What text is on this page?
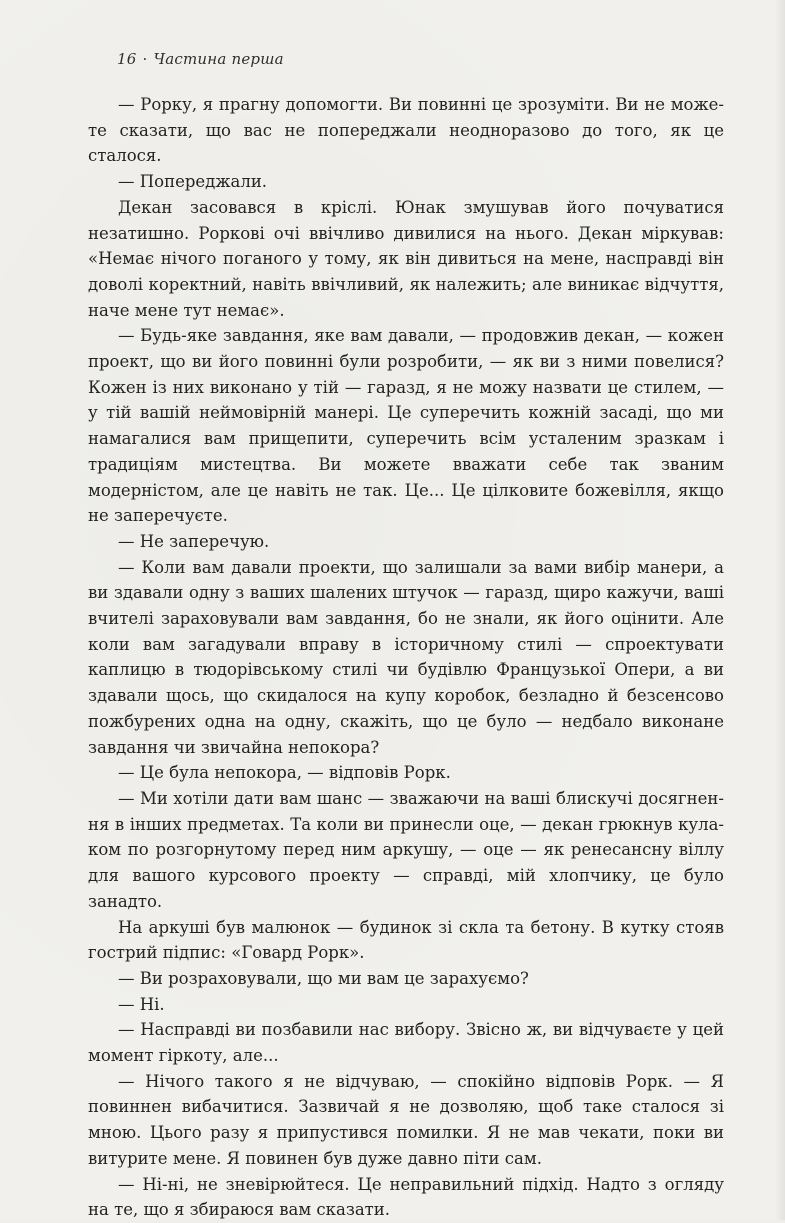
16 · Частина перша

— Рорку, я прагну допомогти. Ви повинні це зрозуміти. Ви не можете сказати, що вас не попереджали неодноразово до того, як це сталося.

— Попереджали.

Декан засовався в кріслі. Юнак змушував його почуватися незатишно. Роркові очі ввічливо дивилися на нього. Декан міркував: «Немає нічого поганого у тому, як він дивиться на мене, насправді він доволі коректний, навіть ввічливий, як належить; але виникає відчуття, наче мене тут немає».

— Будь-яке завдання, яке вам давали, — продовжив декан, — кожен проект, що ви його повинні були розробити, — як ви з ними повелися? Кожен із них виконано у тій — гаразд, я не можу назвати це стилем, — у тій вашій неймовірній манері. Це суперечить кожній засаді, що ми намагалися вам прищепити, суперечить всім усталеним зразкам і традиціям мистецтва. Ви можете вважати себе так званим модерністом, але це навіть не так. Це... Це цілковите божевілля, якщо не заперечуєте.

— Не заперечую.

— Коли вам давали проекти, що залишали за вами вибір манери, а ви здавали одну з ваших шалених штучок — гаразд, щиро кажучи, ваші вчителі зараховували вам завдання, бо не знали, як його оцінити. Але коли вам загадували вправу в історичному стилі — спроектувати каплицю в тюдорівському стилі чи будівлю Французької Опери, а ви здавали щось, що скидалося на купу коробок, безладно й безсенсово пожбурених одна на одну, скажіть, що це було — недбало виконане завдання чи звичайна непокора?

— Це була непокора, — відповів Рорк.

— Ми хотіли дати вам шанс — зважаючи на ваші блискучі досягнення в інших предметах. Та коли ви принесли оце, — декан грюкнув кулаком по розгорнутому перед ним аркушу, — оце — як ренесансну віллу для вашого курсового проекту — справді, мій хлопчику, це було занадто.

На аркуші був малюнок — будинок зі скла та бетону. В кутку стояв гострий підпис: «Говард Рорк».

— Ви розраховували, що ми вам це зарахуємо?

— Ні.

— Насправді ви позбавили нас вибору. Звісно ж, ви відчуваєте у цей момент гіркоту, але...

— Нічого такого я не відчуваю, — спокійно відповів Рорк. — Я повиннен вибачитися. Зазвичай я не дозволяю, щоб таке сталося зі мною. Цього разу я припустився помилки. Я не мав чекати, поки ви витурите мене. Я повинен був дуже давно піти сам.

— Ні-ні, не зневірюйтеся. Це неправильний підхід. Надто з огляду на те, що я збираюся вам сказати.
